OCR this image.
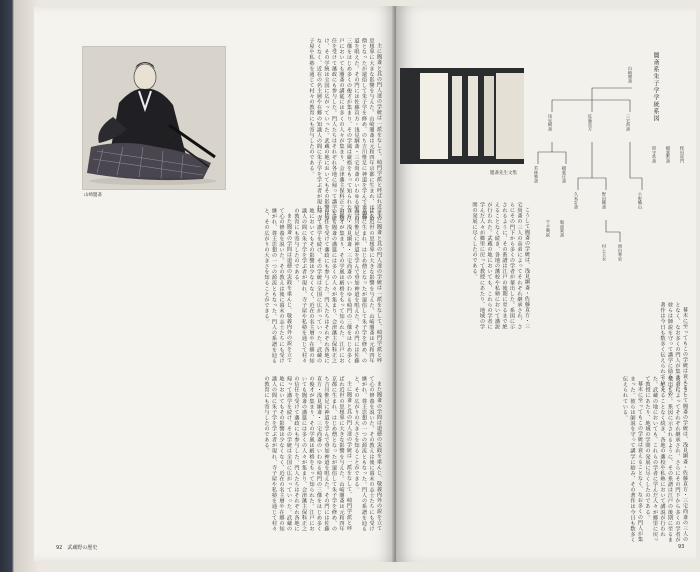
山崎闇斎	主に闇斎と其の門人達の学統は一派をなして、崎門学派と呼ばれ近世の思想界に大きな影響を与えた。山崎闇斎は元和四年京都に生まれ、はじめ僧となったが還俗して朱子学を修め、のち吉川惟足に神道を学んで垂加神道を唱えた。その門には佐藤直方・浅見絅斎・三宅尚斎のいわゆる崎門の三傑をはじめ多くの俊才が集まり、その学風は厳格をもって知られた。江戸においても闇斎の講筵には多くの人々が集まり、会津藩主保科正之の信任を受けて藩政にも参与した。門人たちはそれぞれ各地に帰って講学を続け、その学統は全国に広がっていった。武蔵の地においてもその影響は少なくなく、近在の名主層や在郷の知識人の間に朱子学を学ぶ者が現れ、寺子屋や私塾を通じて村々の教育にも寄与したのである。

主に闇斎と其の門人達の学統は一派をなして、崎門学派と呼ばれ近世の思想界に大きな影響を与えた。山崎闇斎は元和四年京都に生まれ、はじめ僧となったが還俗して朱子学を修め、のち吉川惟足に神道を学んで垂加神道を唱えた。その門には佐藤直方・浅見絅斎・三宅尚斎のいわゆる崎門の三傑をはじめ多くの俊才が集まり、その学風は厳格をもって知られた。江戸においても闇斎の講筵には多くの人々が集まり、会津藩主保科正之の信任を受けて藩政にも参与した。門人たちはそれぞれ各地に帰って講学を続け、その学統は全国に広がっていった。武蔵の地においてもその影響は少なくなく、近在の名主層や在郷の知識人の間に朱子学を学ぶ者が現れ、寺子屋や私塾を通じて村々の教育にも寄与したのである。

また闇斎の学問は道徳の実践を重んじ、敬義内外の説を立てて心の修養を説いた。その教えは後に幕末の志士たちにも受け継がれ、尊王思想の一つの源流ともなった。門人の系譜を辿ると、その広がりの大きさを知ることができる。

また闇斎の学問は道徳の実践を重んじ、敬義内外の説を立てて心の修養を説いた。その教えは後に幕末の志士たちにも受け継がれ、尊王思想の一つの源流ともなった。門人の系譜を辿ると、その広がりの大きさを知ることができる。

主に闇斎と其の門人達の学統は一派をなして、崎門学派と呼ばれ近世の思想界に大きな影響を与えた。山崎闇斎は元和四年京都に生まれ、はじめ僧となったが還俗して朱子学を修め、のち吉川惟足に神道を学んで垂加神道を唱えた。その門には佐藤直方・浅見絅斎・三宅尚斎のいわゆる崎門の三傑をはじめ多くの俊才が集まり、その学風は厳格をもって知られた。江戸においても闇斎の講筵には多くの人々が集まり、会津藩主保科正之の信任を受けて藩政にも参与した。門人たちはそれぞれ各地に帰って講学を続け、その学統は全国に広がっていった。武蔵の地においてもその影響は少なくなく、近在の名主層や在郷の知識人の間に朱子学を学ぶ者が現れ、寺子屋や私塾を通じて村々の教育にも寄与したのである。

92　武蔵野の歴史
闇斎先生文集
闇斎系朱子学学統系図
山崎闇斎
浅見絅斎	佐藤直方	三宅尚斎
若林強斎	稲葉迂斎
久米訂斎	野田剛斎	小野鶴山
留守希斎 稲葉黙斎 桜田虎門
村士玉水	岡田寒泉
千手興欽 服部栗斎

こうして闇斎の学統は、浅見絅斎・佐藤直方・三宅尚斎の三人の高弟によってそれぞれ継承され、さらにその門下から多くの学者が輩出した。系図に示されるように、その系譜は江戸の後期に至るまで絶えることなく続き、各地の藩校や私塾において講説が行われた。武蔵の地においても、これらの学者に学んだ人々が郷里に戻って教授にあたり、地域の学問の発展に尽くしたのである。

幕末に至ってもこの学統は衰えることなく、なお多くの門人が集まった。彼らは師説を守って講学に励み、その著作は今日も数多く伝えられている。

こうして闇斎の学統は、浅見絅斎・佐藤直方・三宅尚斎の三人の高弟によってそれぞれ継承され、さらにその門下から多くの学者が輩出した。系図に示されるように、その系譜は江戸の後期に至るまで絶えることなく続き、各地の藩校や私塾において講説が行われた。武蔵の地においても、これらの学者に学んだ人々が郷里に戻って教授にあたり、地域の学問の発展に尽くしたのである。

幕末に至ってもこの学統は衰えることなく、なお多くの門人が集まった。彼らは師説を守って講学に励み、その著作は今日も数多く伝えられている。

93
